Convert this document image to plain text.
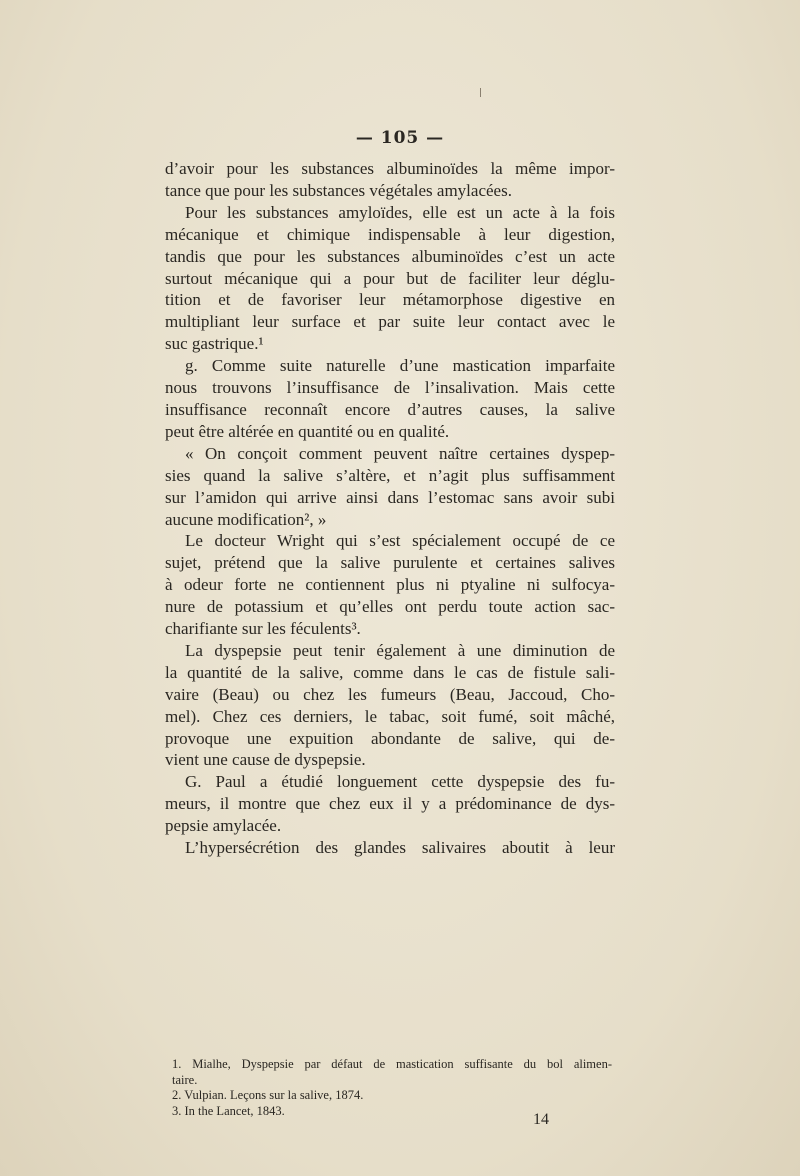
— 105 —
d’avoir pour les substances albuminoïdes la même impor-
tance que pour les substances végétales amylacées.
Pour les substances amyloïdes, elle est un acte à la fois
mécanique et chimique indispensable à leur digestion,
tandis que pour les substances albuminoïdes c’est un acte
surtout mécanique qui a pour but de faciliter leur déglu-
tition et de favoriser leur métamorphose digestive en
multipliant leur surface et par suite leur contact avec le
suc gastrique.¹
g. Comme suite naturelle d’une mastication imparfaite
nous trouvons l’insuffisance de l’insalivation. Mais cette
insuffisance reconnaît encore d’autres causes, la salive
peut être altérée en quantité ou en qualité.
« On conçoit comment peuvent naître certaines dyspep-
sies quand la salive s’altère, et n’agit plus suffisamment
sur l’amidon qui arrive ainsi dans l’estomac sans avoir subi
aucune modification², »
Le docteur Wright qui s’est spécialement occupé de ce
sujet, prétend que la salive purulente et certaines salives
à odeur forte ne contiennent plus ni ptyaline ni sulfocya-
nure de potassium et qu’elles ont perdu toute action sac-
charifiante sur les féculents³.
La dyspepsie peut tenir également à une diminution de
la quantité de la salive, comme dans le cas de fistule sali-
vaire (Beau) ou chez les fumeurs (Beau, Jaccoud, Cho-
mel). Chez ces derniers, le tabac, soit fumé, soit mâché,
provoque une expuition abondante de salive, qui de-
vient une cause de dyspepsie.
G. Paul a étudié longuement cette dyspepsie des fu-
meurs, il montre que chez eux il y a prédominance de dys-
pepsie amylacée.
L’hypersécrétion des glandes salivaires aboutit à leur
1. Mialhe, Dyspepsie par défaut de mastication suffisante du bol alimen-
taire.
2. Vulpian. Leçons sur la salive, 1874.
3. In the Lancet, 1843.
14
